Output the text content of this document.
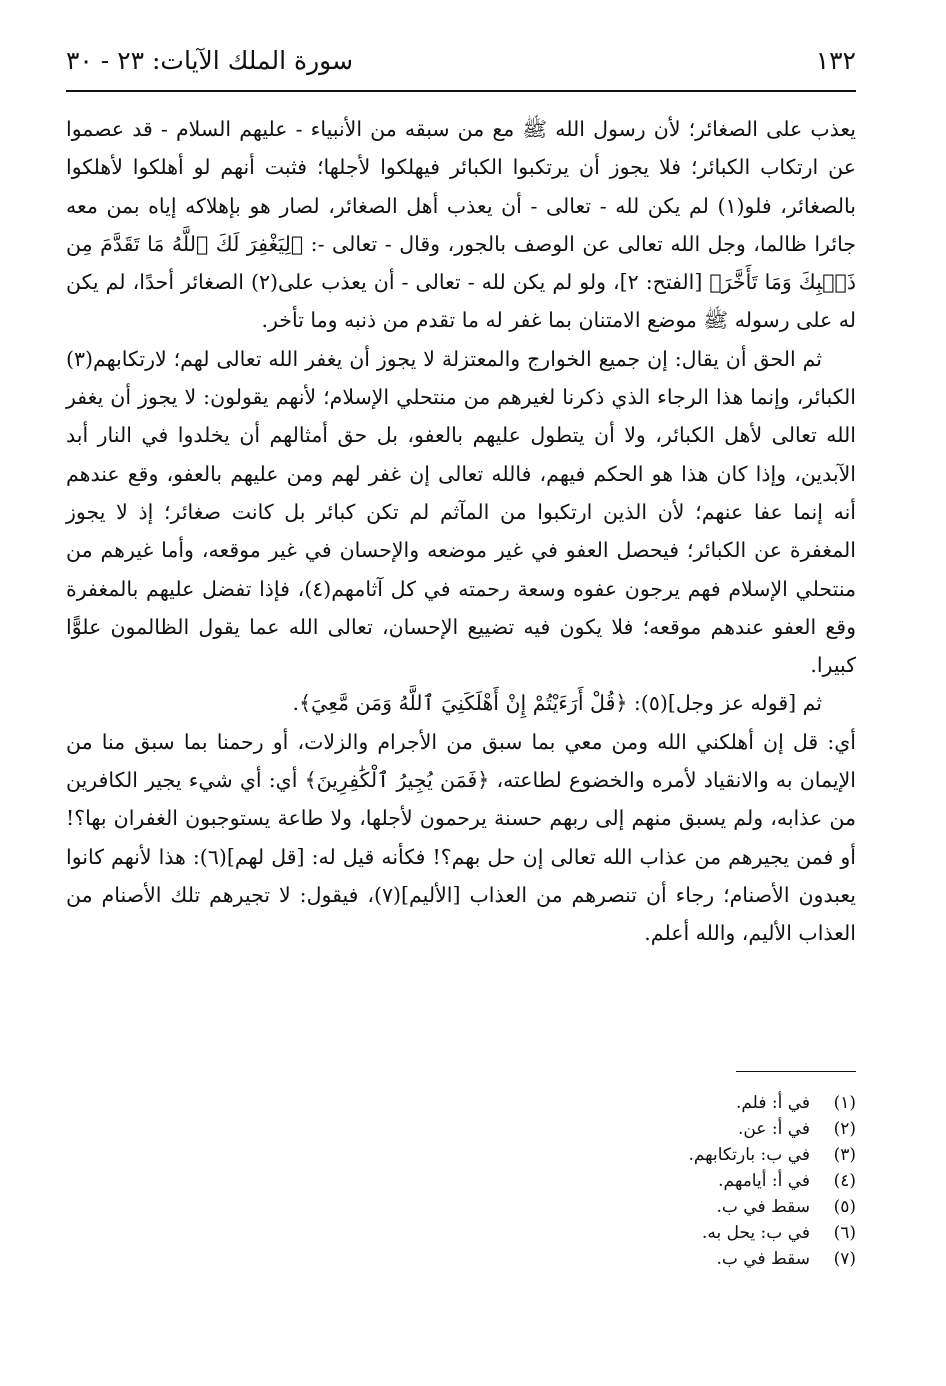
١٣٢
سورة الملك الآيات: ٢٣ - ٣٠

يعذب على الصغائر؛ لأن رسول الله ﷺ مع من سبقه من الأنبياء - عليهم السلام - قد عصموا عن ارتكاب الكبائر؛ فلا يجوز أن يرتكبوا الكبائر فيهلكوا لأجلها؛ فثبت أنهم لو أهلكوا لأهلكوا بالصغائر، فلو(١) لم يكن لله - تعالى - أن يعذب أهل الصغائر، لصار هو بإهلاكه إياه بمن معه جائرا ظالما، وجل الله تعالى عن الوصف بالجور، وقال - تعالى -: ﴿لِيَغْفِرَ لَكَ ٱللَّهُ مَا تَقَدَّمَ مِن ذَنۢبِكَ وَمَا تَأَخَّرَ﴾ [الفتح: ٢]، ولو لم يكن لله - تعالى - أن يعذب على(٢) الصغائر أحدًا، لم يكن له على رسوله ﷺ موضع الامتنان بما غفر له ما تقدم من ذنبه وما تأخر.

ثم الحق أن يقال: إن جميع الخوارج والمعتزلة لا يجوز أن يغفر الله تعالى لهم؛ لارتكابهم(٣) الكبائر، وإنما هذا الرجاء الذي ذكرنا لغيرهم من منتحلي الإسلام؛ لأنهم يقولون: لا يجوز أن يغفر الله تعالى لأهل الكبائر، ولا أن يتطول عليهم بالعفو، بل حق أمثالهم أن يخلدوا في النار أبد الآبدين، وإذا كان هذا هو الحكم فيهم، فالله تعالى إن غفر لهم ومن عليهم بالعفو، وقع عندهم أنه إنما عفا عنهم؛ لأن الذين ارتكبوا من المآثم لم تكن كبائر بل كانت صغائر؛ إذ لا يجوز المغفرة عن الكبائر؛ فيحصل العفو في غير موضعه والإحسان في غير موقعه، وأما غيرهم من منتحلي الإسلام فهم يرجون عفوه وسعة رحمته في كل آثامهم(٤)، فإذا تفضل عليهم بالمغفرة وقع العفو عندهم موقعه؛ فلا يكون فيه تضييع الإحسان، تعالى الله عما يقول الظالمون علوًّا كبيرا.

ثم [قوله عز وجل](٥): ﴿قُلْ أَرَءَيْتُمْ إِنْ أَهْلَكَنِيَ ٱللَّهُ وَمَن مَّعِيَ﴾.

أي: قل إن أهلكني الله ومن معي بما سبق من الأجرام والزلات، أو رحمنا بما سبق منا من الإيمان به والانقياد لأمره والخضوع لطاعته، ﴿فَمَن يُجِيرُ ٱلْكَٰفِرِينَ﴾ أي: أي شيء يجير الكافرين من عذابه، ولم يسبق منهم إلى ربهم حسنة يرحمون لأجلها، ولا طاعة يستوجبون الغفران بها؟! أو فمن يجيرهم من عذاب الله تعالى إن حل بهم؟! فكأنه قيل له: [قل لهم](٦): هذا لأنهم كانوا يعبدون الأصنام؛ رجاء أن تنصرهم من العذاب [الأليم](٧)، فيقول: لا تجيرهم تلك الأصنام من العذاب الأليم، والله أعلم.

(١)
في أ: فلم.
(٢)
في أ: عن.
(٣)
في ب: بارتكابهم.
(٤)
في أ: أيامهم.
(٥)
سقط في ب.
(٦)
في ب: يحل به.
(٧)
سقط في ب.
